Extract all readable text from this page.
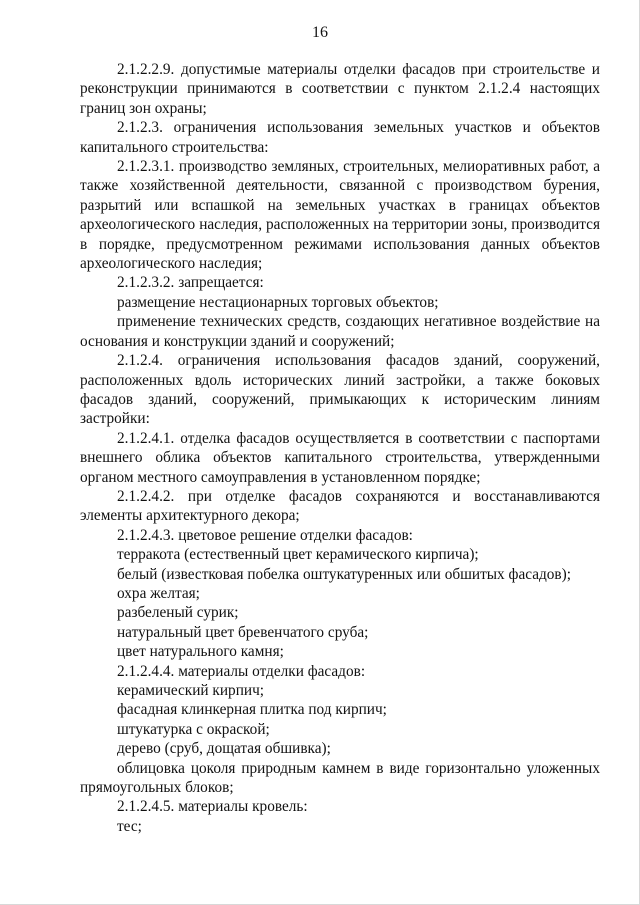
16

2.1.2.2.9. допустимые материалы отделки фасадов при строительстве и реконструкции принимаются в соответствии с пунктом 2.1.2.4 настоящих границ зон охраны;

2.1.2.3. ограничения использования земельных участков и объектов капитального строительства:

2.1.2.3.1. производство земляных, строительных, мелиоративных работ, а также хозяйственной деятельности, связанной с производством бурения, разрытий или вспашкой на земельных участках в границах объектов археологического наследия, расположенных на территории зоны, производится в порядке, предусмотренном режимами использования данных объектов археологического наследия;

2.1.2.3.2. запрещается:

размещение нестационарных торговых объектов;

применение технических средств, создающих негативное воздействие на основания и конструкции зданий и сооружений;

2.1.2.4. ограничения использования фасадов зданий, сооружений, расположенных вдоль исторических линий застройки, а также боковых фасадов зданий, сооружений, примыкающих к историческим линиям застройки:

2.1.2.4.1. отделка фасадов осуществляется в соответствии с паспортами внешнего облика объектов капитального строительства, утвержденными органом местного самоуправления в установленном порядке;

2.1.2.4.2. при отделке фасадов сохраняются и восстанавливаются элементы архитектурного декора;

2.1.2.4.3. цветовое решение отделки фасадов:

терракота (естественный цвет керамического кирпича);

белый (известковая побелка оштукатуренных или обшитых фасадов);

охра желтая;

разбеленый сурик;

натуральный цвет бревенчатого сруба;

цвет натурального камня;

2.1.2.4.4. материалы отделки фасадов:

керамический кирпич;

фасадная клинкерная плитка под кирпич;

штукатурка с окраской;

дерево (сруб, дощатая обшивка);

облицовка цоколя природным камнем в виде горизонтально уложенных прямоугольных блоков;

2.1.2.4.5. материалы кровель:

тес;
